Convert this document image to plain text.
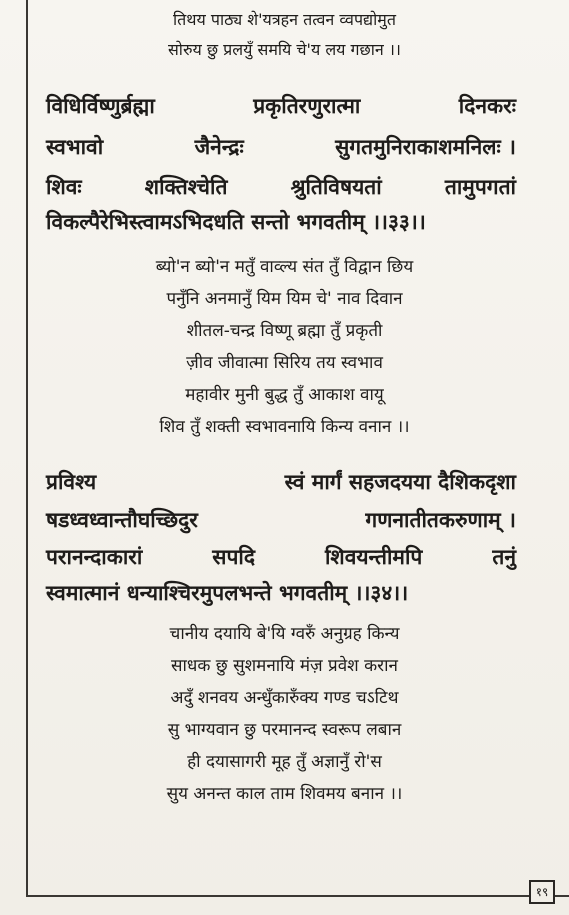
तिथय पाठ्य शे'यत्रहन तत्वन व्वपद्योमुत
सोरुय छु प्रलयुँ समयि चे'य लय गछान ।।
विधिर्विष्णुर्ब्रह्मा	प्रकृतिरणुरात्मा	दिनकरः
स्वभावो	जैनेन्द्रः	सुगतमुनिराकाशमनिलः ।
शिवः	शक्तिश्चेति	श्रुतिविषयतां	तामुपगतां
विकल्पैरेभिस्त्वामऽभिदधति सन्तो भगवतीम् ।।३३।।
ब्यो'न ब्यो'न मतुँ वाव्ल्य संत तुँ विद्वान छिय
पनुँनि अनमानुँ यिम यिम चे' नाव दिवान
शीतल-चन्द्र विष्णू ब्रह्मा तुँ प्रकृती
ज़ीव जीवात्मा सिरिय तय स्वभाव
महावीर मुनी बुद्ध तुँ आकाश वायू
शिव तुँ शक्ती स्वभावनायि किन्य वनान ।।
प्रविश्य	स्वं मार्गं सहजदयया दैशिकदृशा
षडध्वध्वान्तौघच्छिदुर	गणनातीतकरुणाम् ।
परानन्दाकारां	सपदि	शिवयन्तीमपि	तनुं
स्वमात्मानं धन्याश्चिरमुपलभन्ते भगवतीम् ।।३४।।
चानीय दयायि बे'यि ग्वरुँ अनुग्रह किन्य
साधक छु सुशमनायि मंज़ प्रवेश करान
अदुँ शनवय अन्धुँकारुँक्य गण्ड चऽटिथ
सु भाग्यवान छु परमानन्द स्वरूप लबान
ही दयासागरी मूह तुँ अज्ञानुँ रो'स
सुय अनन्त काल ताम शिवमय बनान ।।
१९
